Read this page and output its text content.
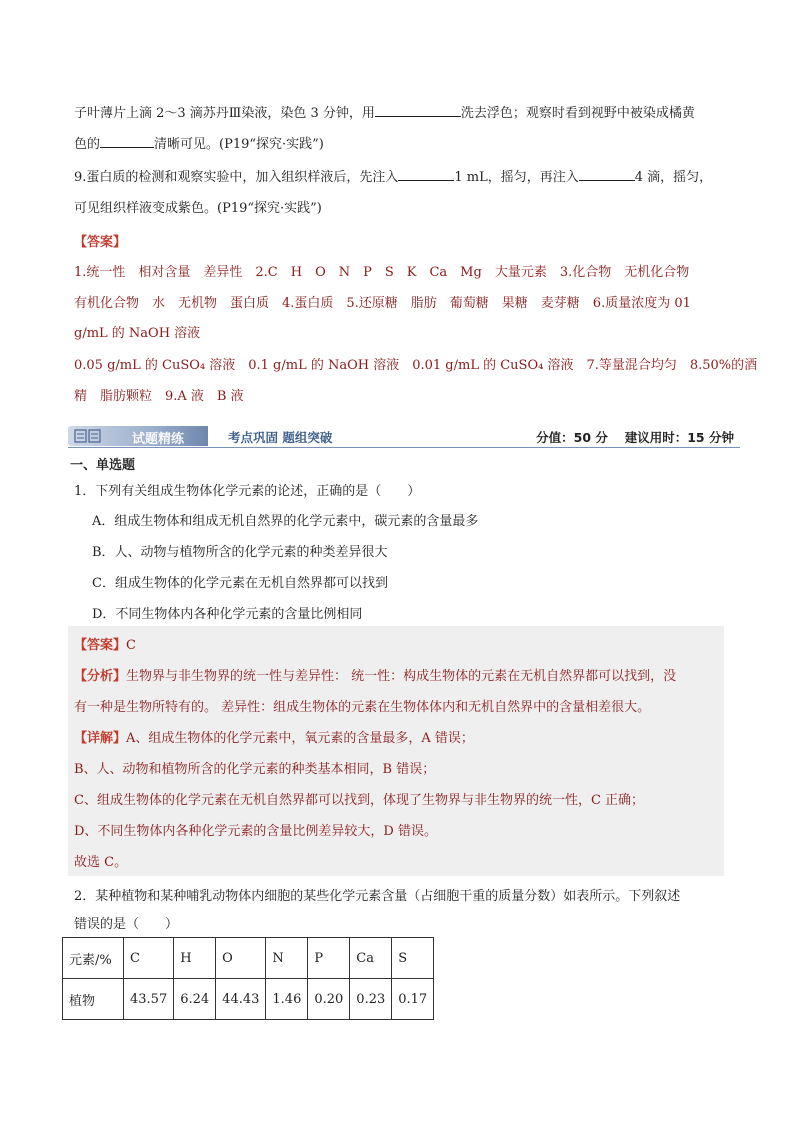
子叶薄片上滴 2～3 滴苏丹Ⅲ染液，染色 3 分钟，用	洗去浮色；观察时看到视野中被染成橘黄
色的	清晰可见。(P19“探究·实践”)
9.蛋白质的检测和观察实验中，加入组织样液后，先注入	1 mL，摇匀，再注入	4 滴，摇匀，
可见组织样液变成紫色。(P19“探究·实践”)
【答案】
1.统一性　相对含量　差异性　2.C　H　O　N　P　S　K　Ca　Mg　大量元素　3.化合物　无机化合物
有机化合物　水　无机物　蛋白质　4.蛋白质　5.还原糖　脂肪　葡萄糖　果糖　麦芽糖　6.质量浓度为 01
g/mL 的 NaOH 溶液
0.05 g/mL 的 CuSO₄ 溶液　0.1 g/mL 的 NaOH 溶液　0.01 g/mL 的 CuSO₄ 溶液　7.等量混合均匀　8.50%的酒
精　脂肪颗粒　9.A 液　B 液
试题精练	考点巩固 题组突破	分值：50 分　 建议用时：15 分钟
一、单选题
1．下列有关组成生物体化学元素的论述，正确的是（　　）
A．组成生物体和组成无机自然界的化学元素中，碳元素的含量最多
B．人、动物与植物所含的化学元素的种类差异很大
C．组成生物体的化学元素在无机自然界都可以找到
D．不同生物体内各种化学元素的含量比例相同
【答案】C
【分析】生物界与非生物界的统一性与差异性： 统一性：构成生物体的元素在无机自然界都可以找到，没
有一种是生物所特有的。 差异性：组成生物体的元素在生物体体内和无机自然界中的含量相差很大。
【详解】A、组成生物体的化学元素中，氧元素的含量最多，A 错误；
B、人、动物和植物所含的化学元素的种类基本相同，B 错误；
C、组成生物体的化学元素在无机自然界都可以找到，体现了生物界与非生物界的统一性，C 正确；
D、不同生物体内各种化学元素的含量比例差异较大，D 错误。
故选 C。
2．某种植物和某种哺乳动物体内细胞的某些化学元素含量（占细胞干重的质量分数）如表所示。下列叙述
错误的是（　　）
元素/%	C	H	O	N	P	Ca	S
植物	43.57	6.24	44.43	1.46	0.20	0.23	0.17
